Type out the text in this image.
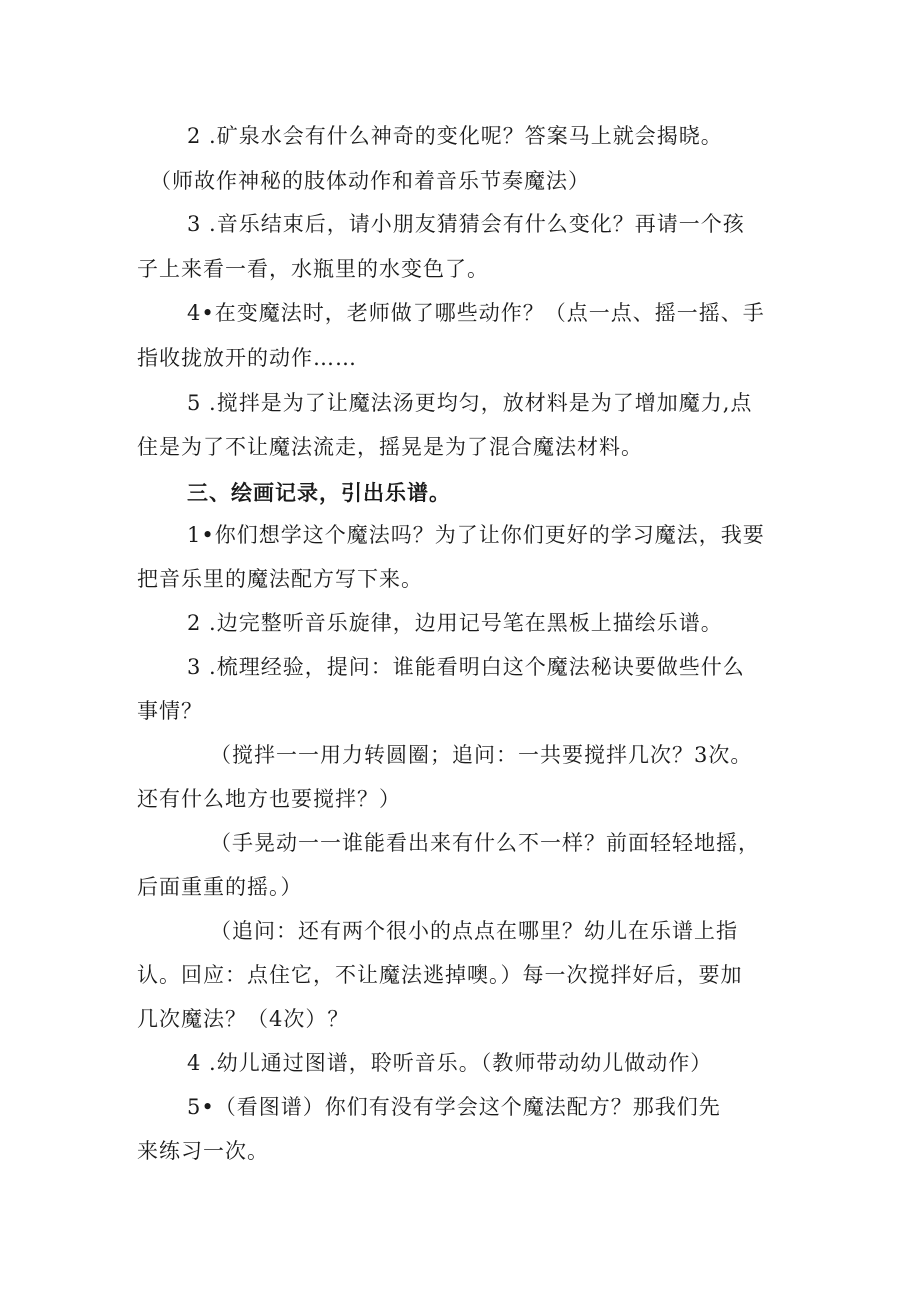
2 .矿泉水会有什么神奇的变化呢？答案马上就会揭晓。
（师故作神秘的肢体动作和着音乐节奏魔法）
3 .音乐结束后，请小朋友猜猜会有什么变化？再请一个孩
子上来看一看，水瓶里的水变色了。
4•在变魔法时，老师做了哪些动作？（点一点、摇一摇、手
指收拢放开的动作……
5 .搅拌是为了让魔法汤更均匀，放材料是为了增加魔力,点
住是为了不让魔法流走，摇晃是为了混合魔法材料。
三、绘画记录，引出乐谱。
1•你们想学这个魔法吗？为了让你们更好的学习魔法，我要
把音乐里的魔法配方写下来。
2 .边完整听音乐旋律，边用记号笔在黑板上描绘乐谱。
3 .梳理经验，提问：谁能看明白这个魔法秘诀要做些什么
事情？
（搅拌一一用力转圆圈；追问：一共要搅拌几次？3次。
还有什么地方也要搅拌？）
（手晃动一一谁能看出来有什么不一样？前面轻轻地摇，
后面重重的摇。）
（追问：还有两个很小的点点在哪里？幼儿在乐谱上指
认。回应：点住它，不让魔法逃掉噢。）每一次搅拌好后，要加
几次魔法？（4次）？
4 .幼儿通过图谱，聆听音乐。（教师带动幼儿做动作）
5•（看图谱）你们有没有学会这个魔法配方？那我们先
来练习一次。
